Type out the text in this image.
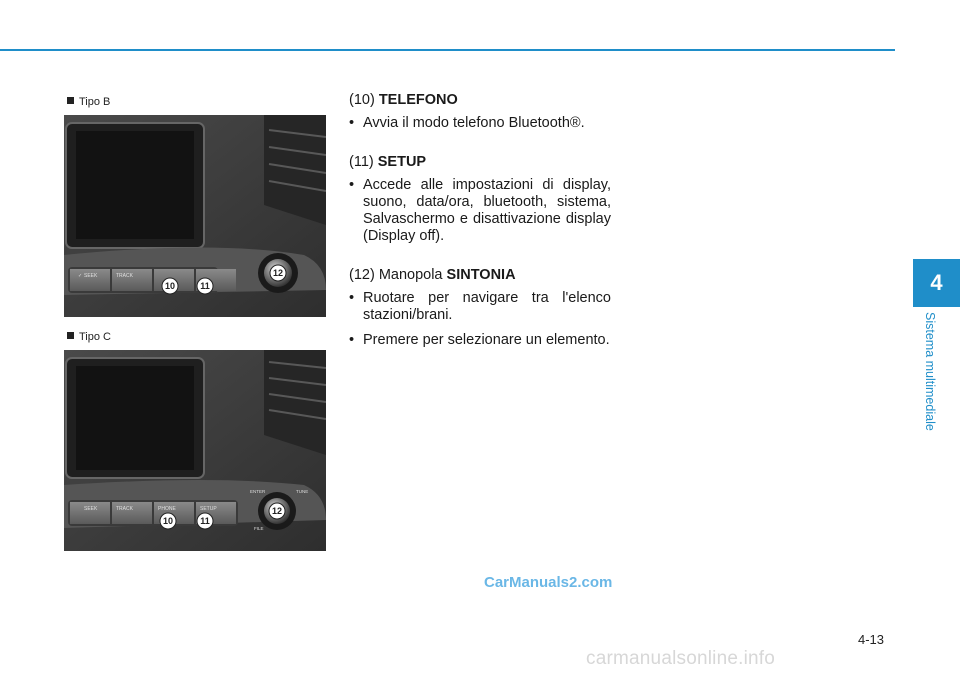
Tipo B
✓ SEEK	TRACK
10	11
12
Tipo C
SEEK	TRACK	PHONE	SETUP
ENTER	TUNE
FILE
10	11
12

(10) TELEFONO

• Avvia il modo telefono Bluetooth®.

(11) SETUP

• Accede alle impostazioni di display, suono, data/ora, bluetooth, sistema, Salvaschermo e disattivazione display (Display off).

(12) Manopola SINTONIA

• Ruotare per navigare tra l'elenco stazioni/brani.

• Premere per selezionare un elemento.

4
Sistema multimediale
4-13
CarManuals2.com
carmanualsonline.info
